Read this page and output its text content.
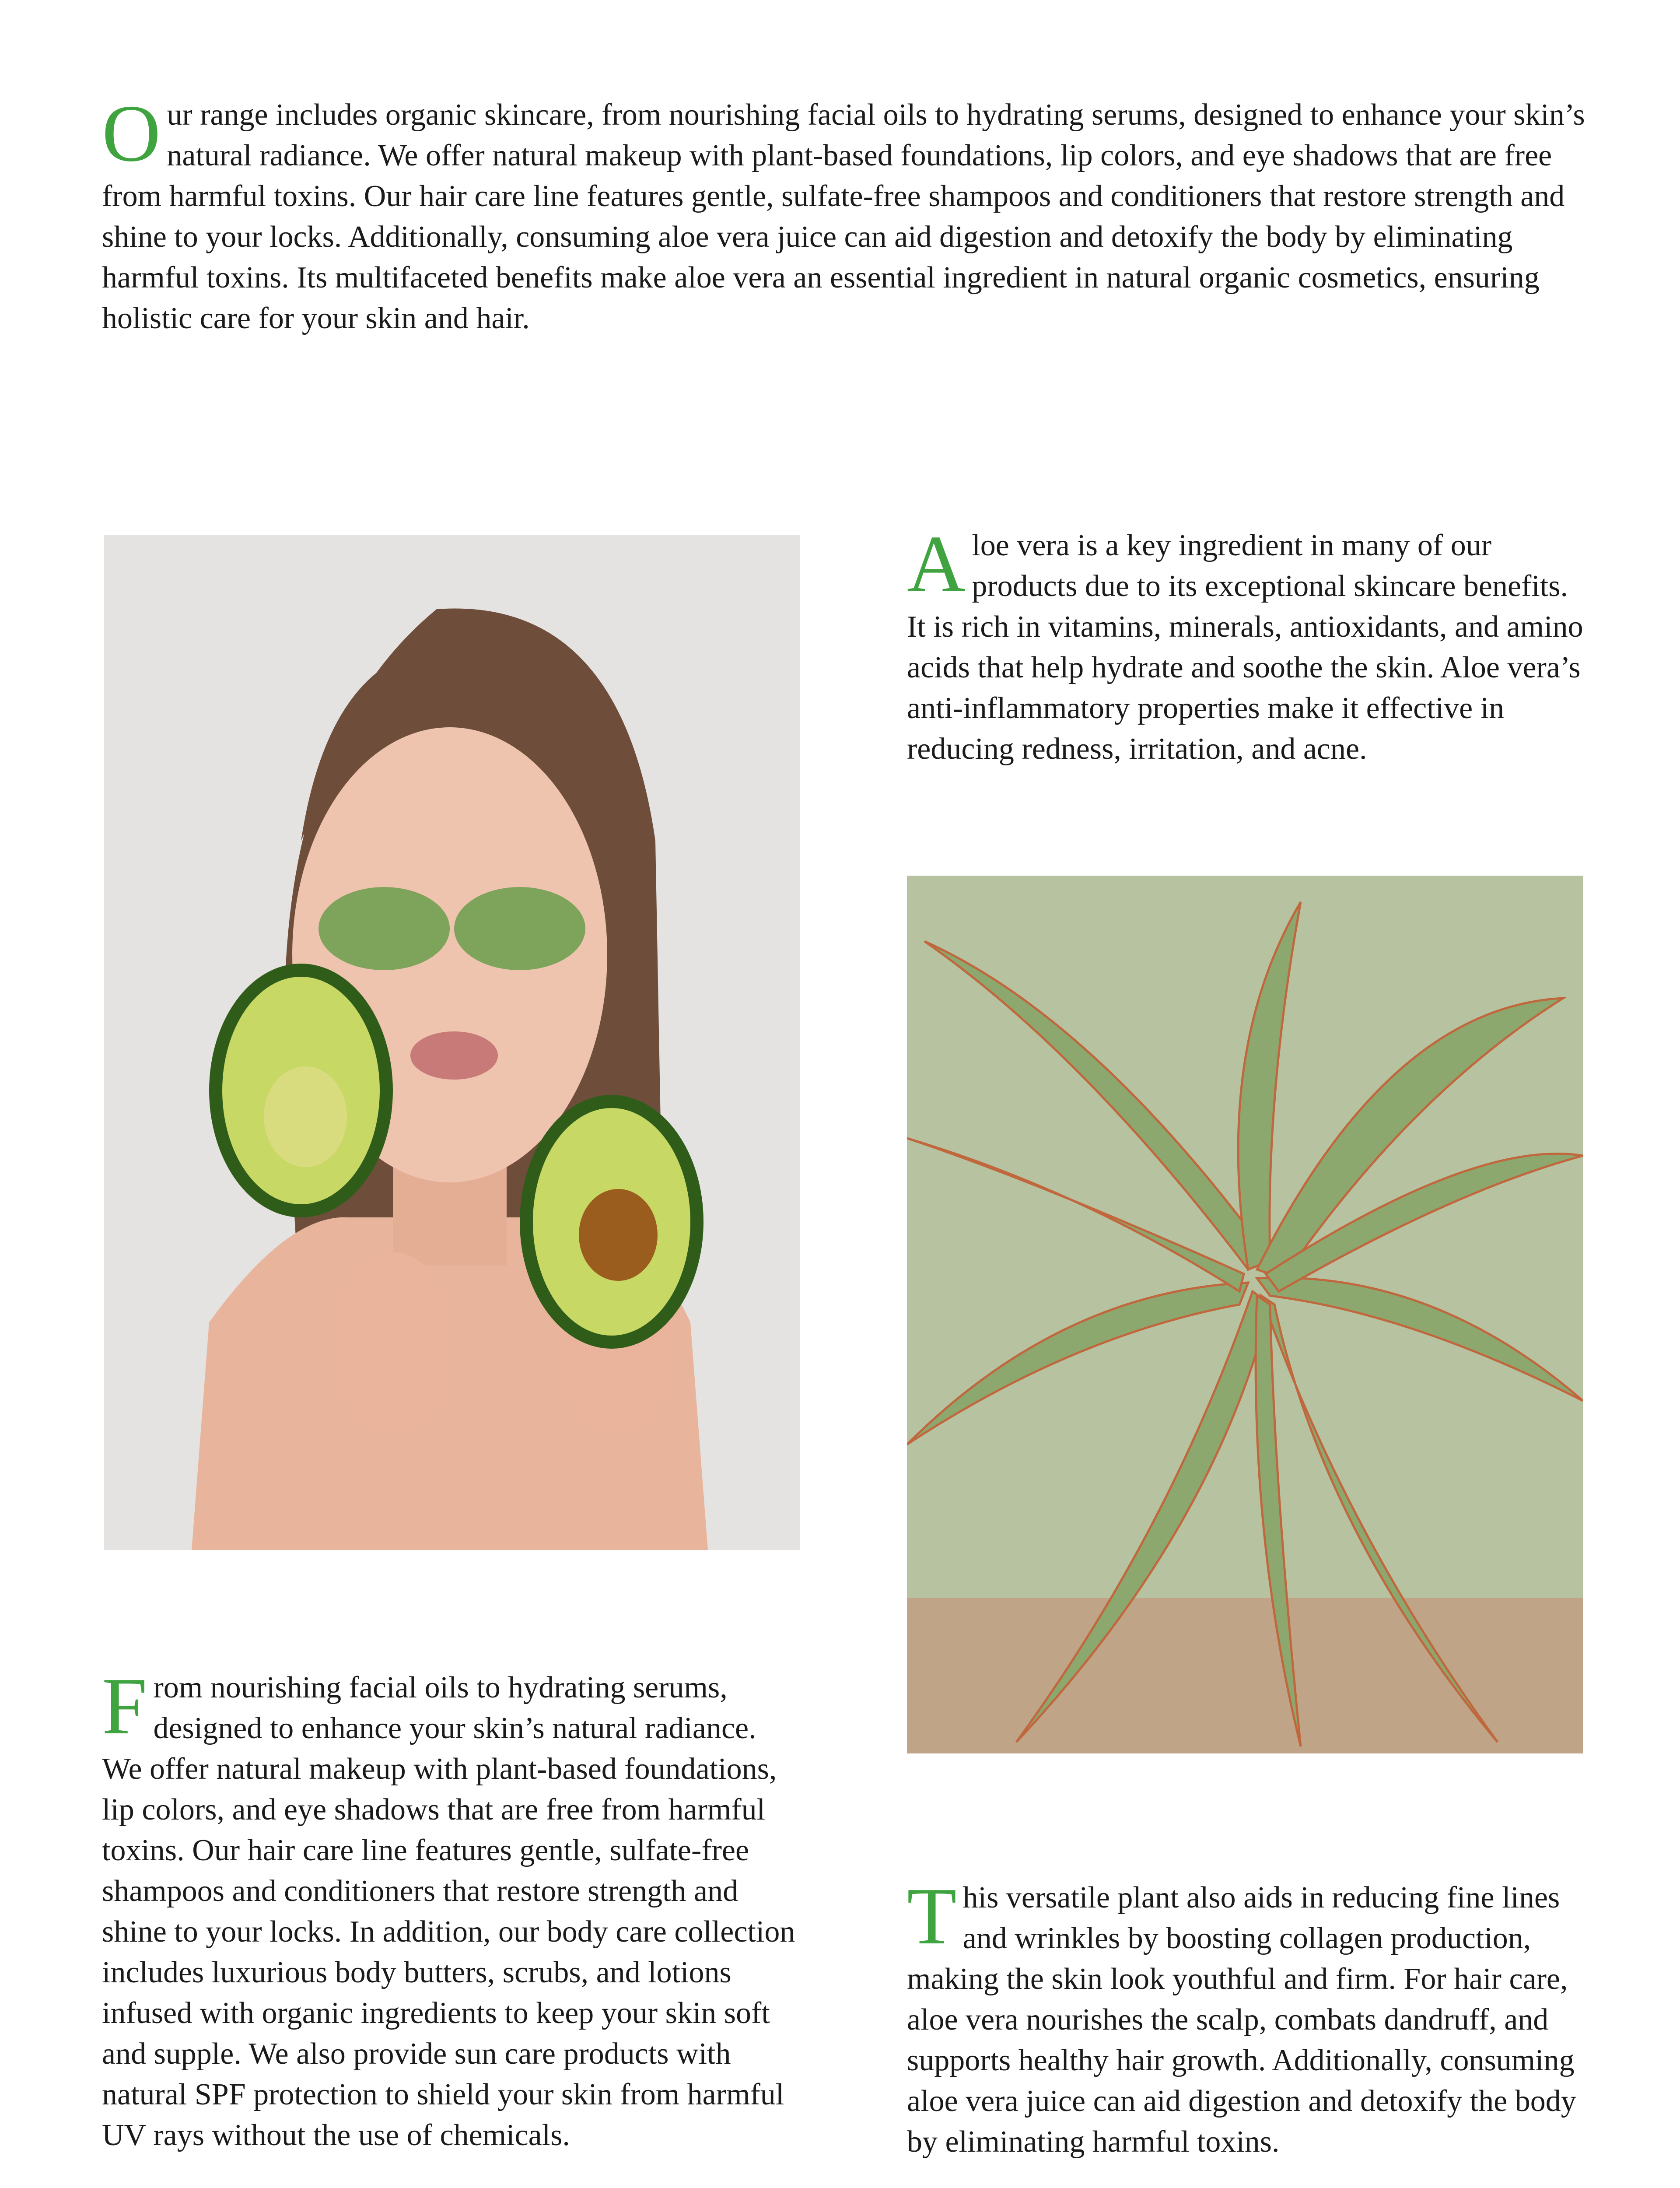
Our range includes organic skincare, from nourishing facial oils to hydrating serums, designed to enhance your skin’s natural radiance. We offer natural makeup with plant-based foundations, lip colors, and eye shadows that are free from harmful toxins. Our hair care line features gentle, sulfate-free shampoos and conditioners that restore strength and shine to your locks. Additionally, consuming aloe vera juice can aid digestion and detoxify the body by eliminating harmful toxins. Its multifaceted benefits make aloe vera an essential ingredient in natural organic cosmetics, ensuring holistic care for your skin and hair.

Aloe vera is a key ingredient in many of our products due to its exceptional skincare benefits. It is rich in vitamins, minerals, antioxidants, and amino acids that help hydrate and soothe the skin. Aloe vera’s anti-inflammatory properties make it effective in reducing redness, irritation, and acne.

From nourishing facial oils to hydrating serums, designed to enhance your skin’s natural radiance. We offer natural makeup with plant-based foundations, lip colors, and eye shadows that are free from harmful toxins. Our hair care line features gentle, sulfate-free shampoos and conditioners that restore strength and shine to your locks. In addition, our body care collection includes luxurious body butters, scrubs, and lotions infused with organic ingredients to keep your skin soft and supple. We also provide sun care products with natural SPF protection to shield your skin from harmful UV rays without the use of chemicals.

This versatile plant also aids in reducing fine lines and wrinkles by boosting collagen production, making the skin look youthful and firm. For hair care, aloe vera nourishes the scalp, combats dandruff, and supports healthy hair growth. Additionally, consuming aloe vera juice can aid digestion and detoxify the body by eliminating harmful toxins.
